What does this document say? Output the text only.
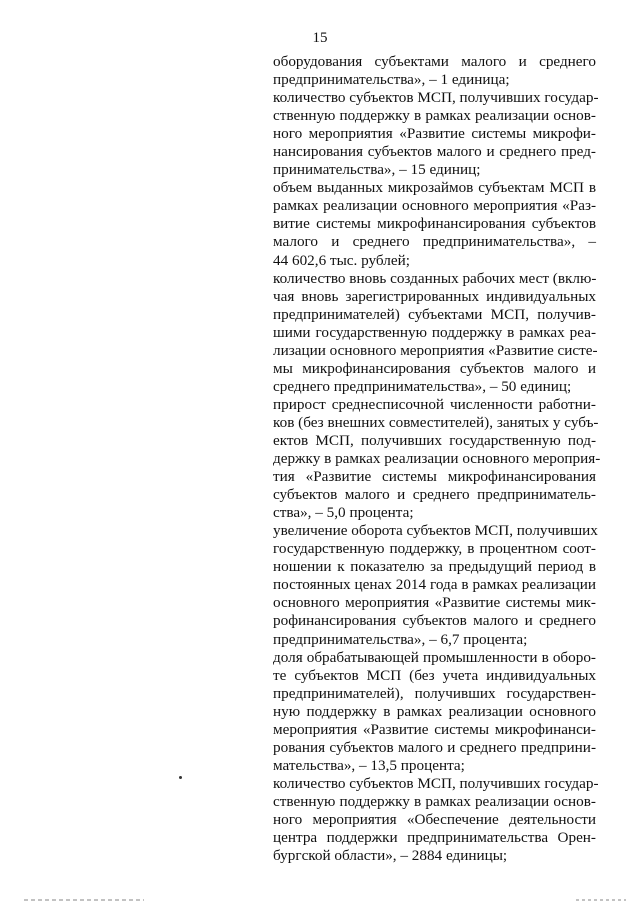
15

оборудования субъектами малого и среднего
предпринимательства», – 1 единица;

количество субъектов МСП, получивших государ-
ственную поддержку в рамках реализации основ-
ного мероприятия «Развитие системы микрофи-
нансирования субъектов малого и среднего пред-
принимательства», – 15 единиц;

объем выданных микрозаймов субъектам МСП в
рамках реализации основного мероприятия «Раз-
витие системы микрофинансирования субъектов
малого и среднего предпринимательства», –
44 602,6 тыс. рублей;

количество вновь созданных рабочих мест (вклю-
чая вновь зарегистрированных индивидуальных
предпринимателей) субъектами МСП, получив-
шими государственную поддержку в рамках реа-
лизации основного мероприятия «Развитие систе-
мы микрофинансирования субъектов малого и
среднего предпринимательства», – 50 единиц;

прирост среднесписочной численности работни-
ков (без внешних совместителей), занятых у субъ-
ектов МСП, получивших государственную под-
держку в рамках реализации основного мероприя-
тия «Развитие системы микрофинансирования
субъектов малого и среднего предприниматель-
ства», – 5,0 процента;

увеличение оборота субъектов МСП, получивших
государственную поддержку, в процентном соот-
ношении к показателю за предыдущий период в
постоянных ценах 2014 года в рамках реализации
основного мероприятия «Развитие системы мик-
рофинансирования субъектов малого и среднего
предпринимательства», – 6,7 процента;

доля обрабатывающей промышленности в оборо-
те субъектов МСП (без учета индивидуальных
предпринимателей), получивших государствен-
ную поддержку в рамках реализации основного
мероприятия «Развитие системы микрофинанси-
рования субъектов малого и среднего предприни-
мательства», – 13,5 процента;

количество субъектов МСП, получивших государ-
ственную поддержку в рамках реализации основ-
ного мероприятия «Обеспечение деятельности
центра поддержки предпринимательства Орен-
бургской области», – 2884 единицы;
